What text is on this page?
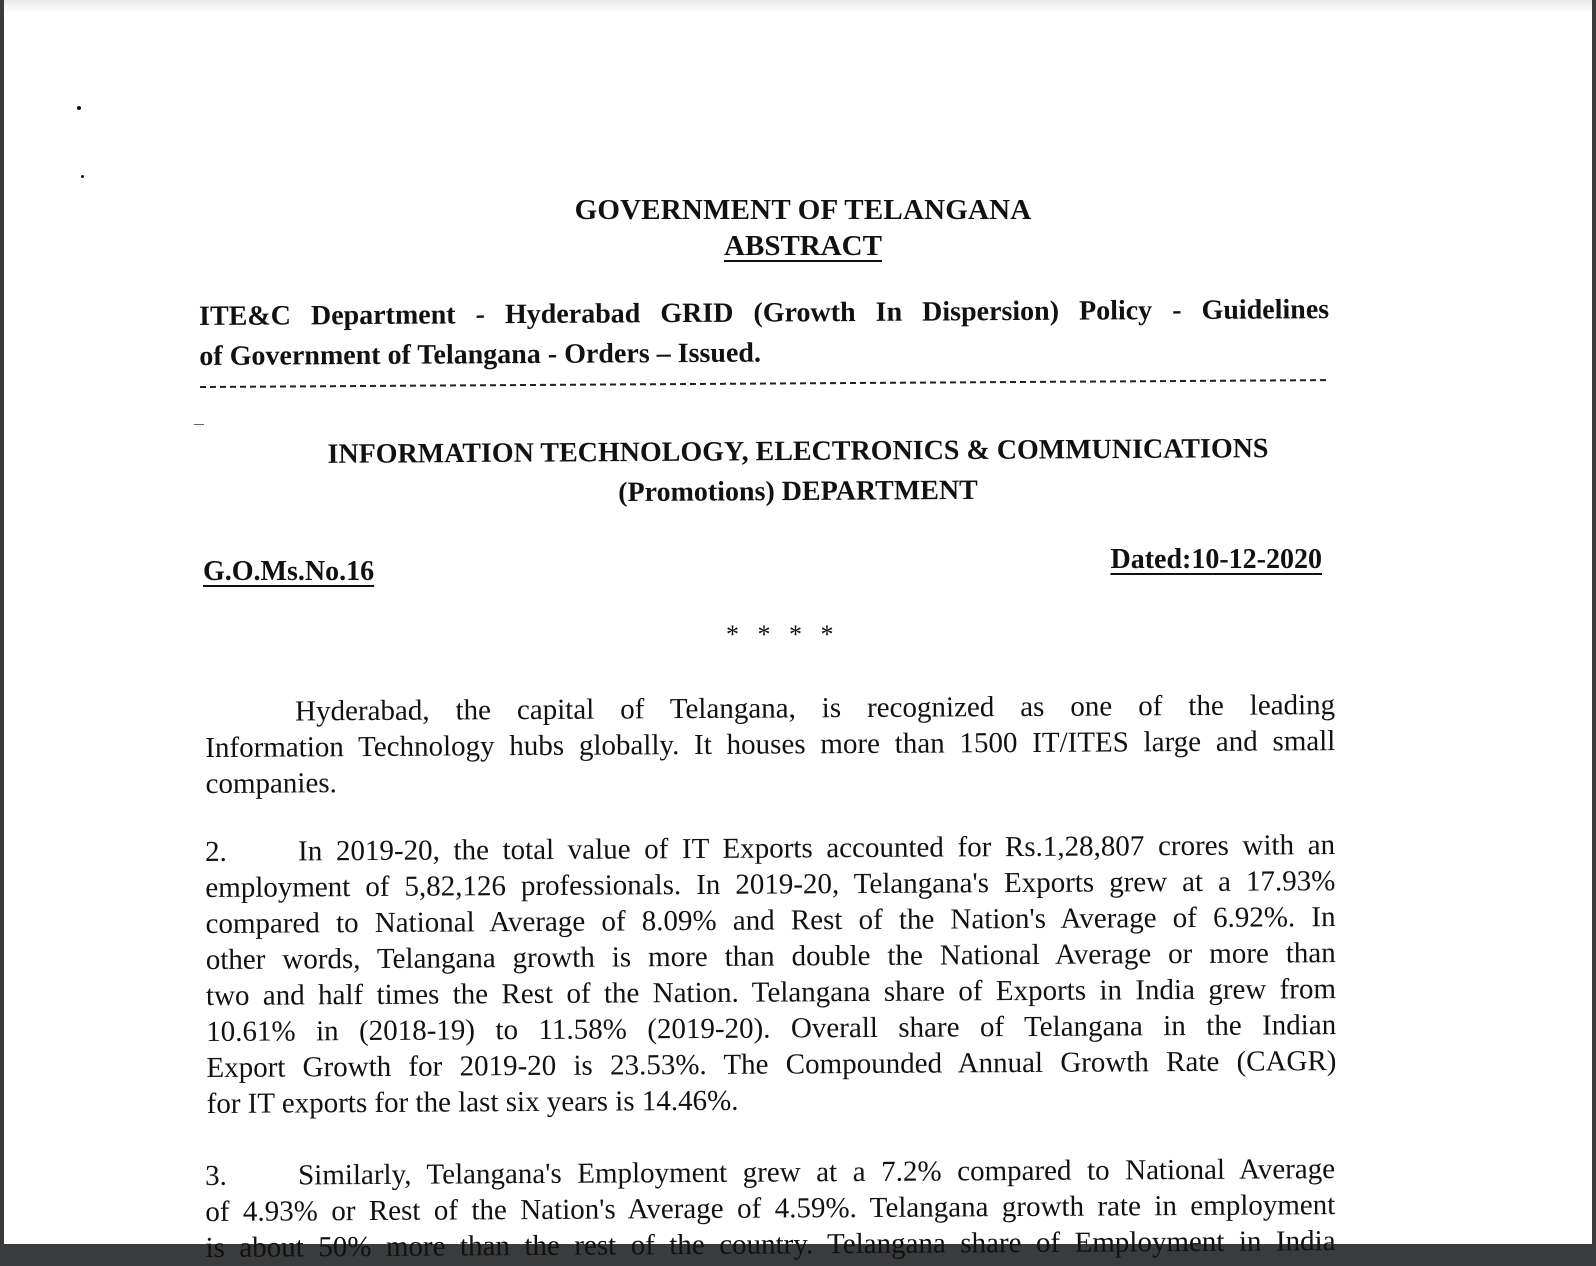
GOVERNMENT OF TELANGANA
ABSTRACT
ITE&C Department - Hyderabad GRID (Growth In Dispersion) Policy - Guidelines
of Government of Telangana - Orders – Issued.
INFORMATION TECHNOLOGY, ELECTRONICS & COMMUNICATIONS
(Promotions) DEPARTMENT
G.O.Ms.No.16	Dated:10-12-2020
* * * *
Hyderabad, the capital of Telangana, is recognized as one of the leading
Information Technology hubs globally. It houses more than 1500 IT/ITES large and small
companies.
2. In 2019-20, the total value of IT Exports accounted for Rs.1,28,807 crores with an
employment of 5,82,126 professionals. In 2019-20, Telangana's Exports grew at a 17.93%
compared to National Average of 8.09% and Rest of the Nation's Average of 6.92%. In
other words, Telangana growth is more than double the National Average or more than
two and half times the Rest of the Nation. Telangana share of Exports in India grew from
10.61% in (2018-19) to 11.58% (2019-20). Overall share of Telangana in the Indian
Export Growth for 2019-20 is 23.53%. The Compounded Annual Growth Rate (CAGR)
for IT exports for the last six years is 14.46%.
3. Similarly, Telangana's Employment grew at a 7.2% compared to National Average
of 4.93% or Rest of the Nation's Average of 4.59%. Telangana growth rate in employment
is about 50% more than the rest of the country. Telangana share of Employment in India
